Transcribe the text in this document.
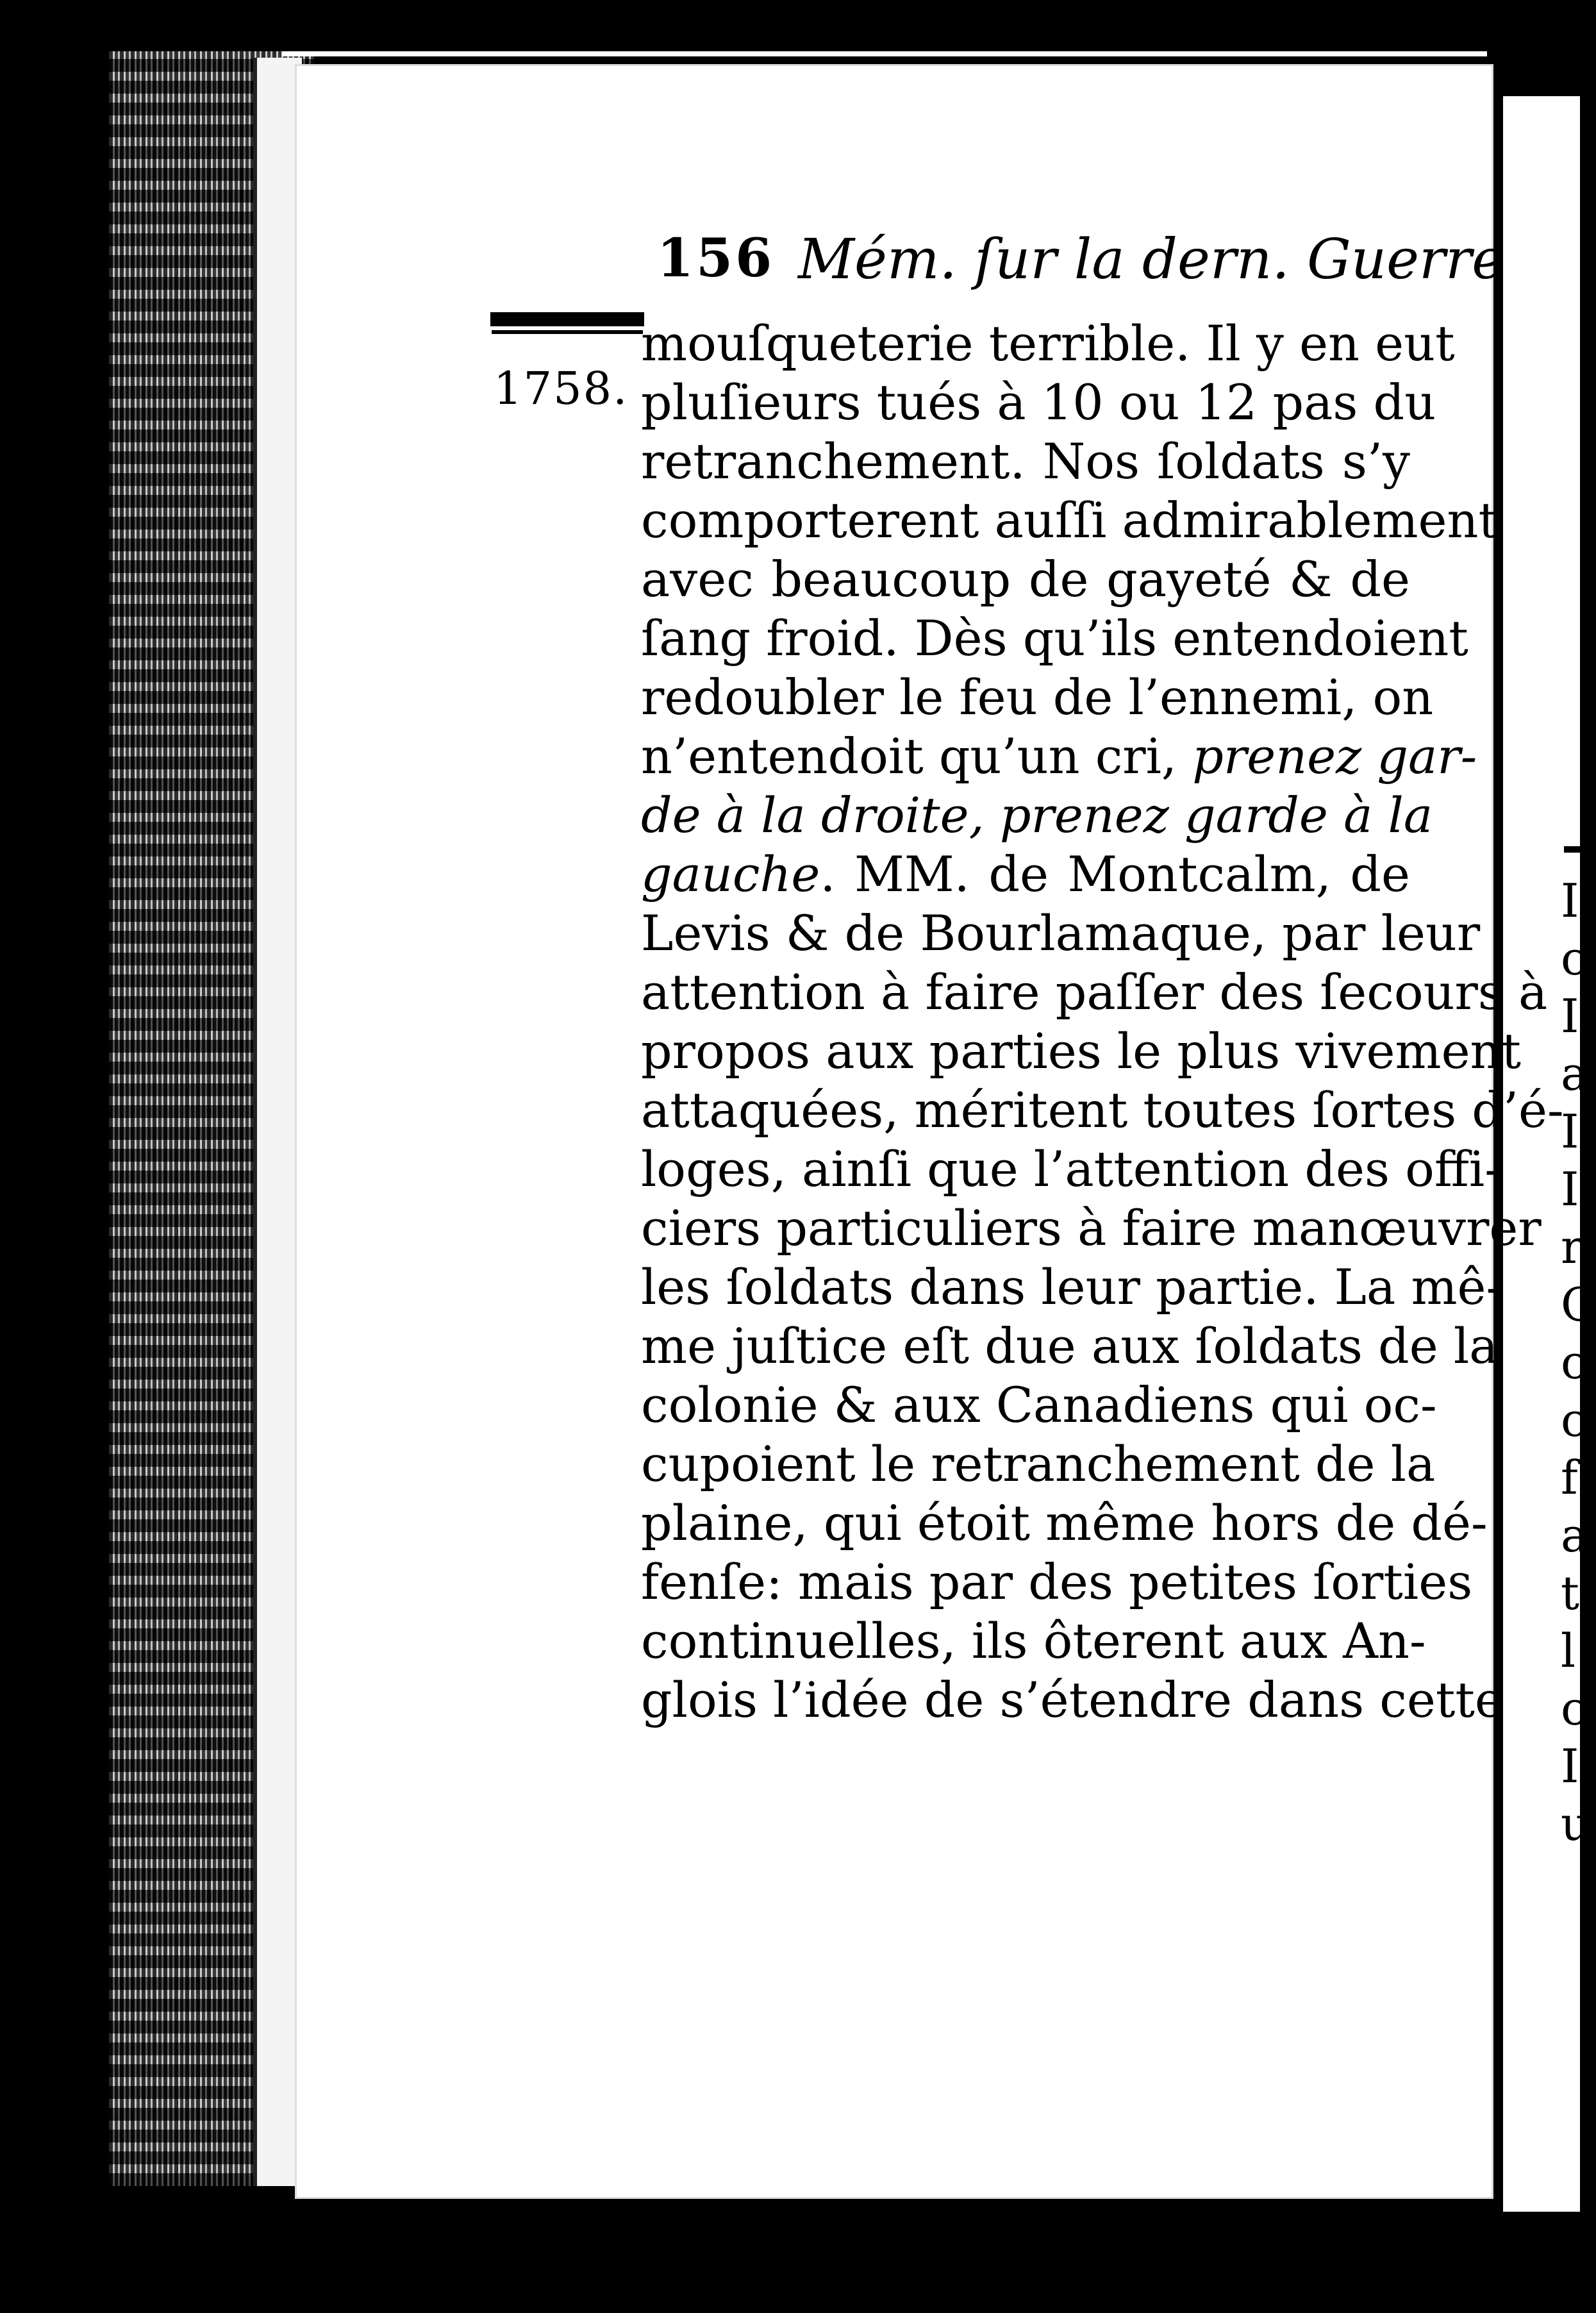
I
c
I
a
I
I
r
C
c
c
f
a
t
l
c
I
u
156 Mém. ſur la dern. Guerre
1758.
mouſqueterie terrible. Il y en eut
pluſieurs tués à 10 ou 12 pas du
retranchement. Nos ſoldats s’y
comporterent auſſi admirablement
avec beaucoup de gayeté & de
ſang froid. Dès qu’ils entendoient
redoubler le feu de l’ennemi, on
n’entendoit qu’un cri, prenez gar-
de à la droite, prenez garde à la
gauche. MM. de Montcalm, de
Levis & de Bourlamaque, par leur
attention à faire paſſer des ſecours à
propos aux parties le plus vivement
attaquées, méritent toutes ſortes d’é-
loges, ainſi que l’attention des offi-
ciers particuliers à faire manœuvrer
les ſoldats dans leur partie. La mê-
me juſtice eſt due aux ſoldats de la
colonie & aux Canadiens qui oc-
cupoient le retranchement de la
plaine, qui étoit même hors de dé-
fenſe: mais par des petites ſorties
continuelles, ils ôterent aux An-
glois l’idée de s’étendre dans cette
